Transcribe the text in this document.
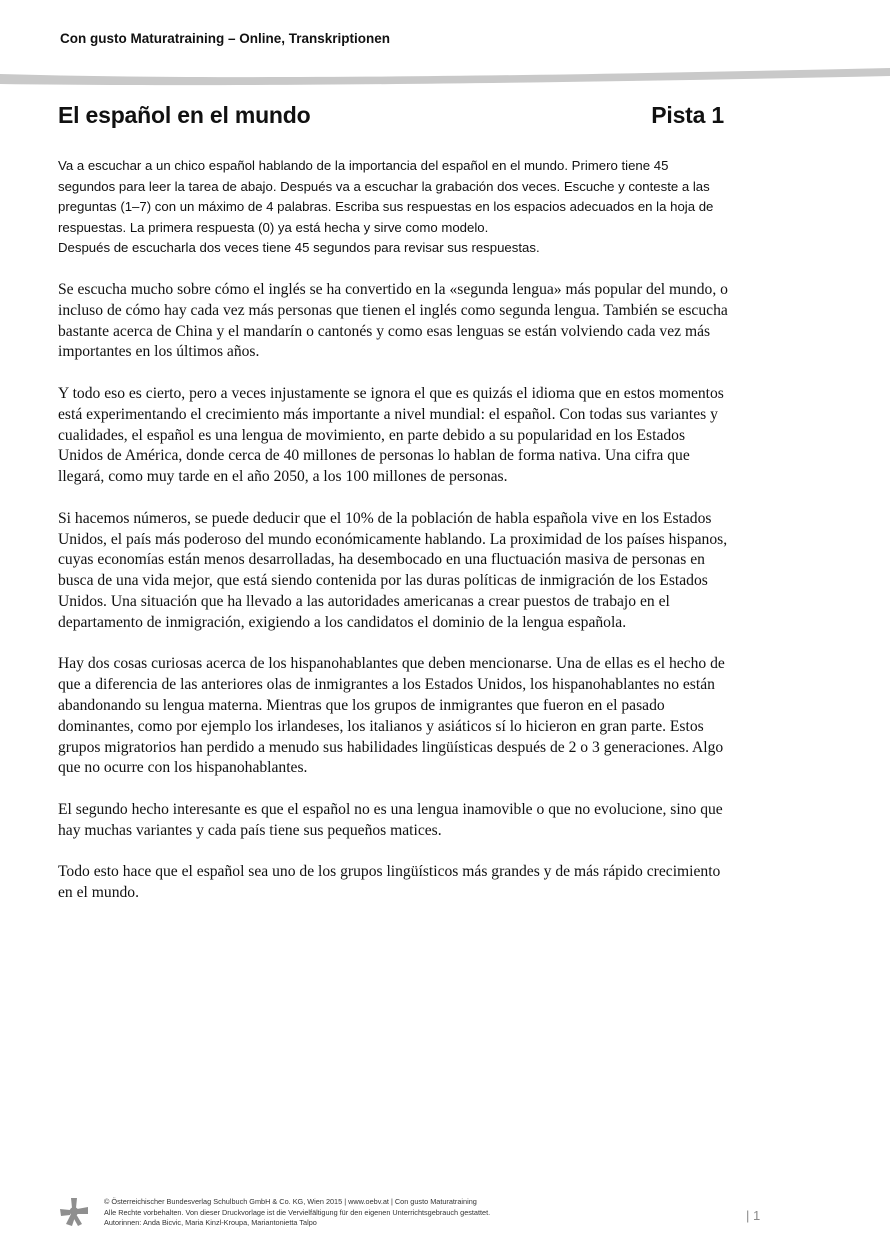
Con gusto Maturatraining – Online, Transkriptionen
El español en el mundo	Pista 1

Va a escuchar a un chico español hablando de la importancia del español en el mundo. Primero tiene 45 segundos para leer la tarea de abajo. Después va a escuchar la grabación dos veces. Escuche y conteste a las preguntas (1–7) con un máximo de 4 palabras. Escriba sus respuestas en los espacios adecuados en la hoja de respuestas. La primera respuesta (0) ya está hecha y sirve como modelo.

Después de escucharla dos veces tiene 45 segundos para revisar sus respuestas.

Se escucha mucho sobre cómo el inglés se ha convertido en la «segunda lengua» más popular del mundo, o incluso de cómo hay cada vez más personas que tienen el inglés como segunda lengua. También se escucha bastante acerca de China y el mandarín o cantonés y como esas lenguas se están volviendo cada vez más importantes en los últimos años.

Y todo eso es cierto, pero a veces injustamente se ignora el que es quizás el idioma que en estos momentos está experimentando el crecimiento más importante a nivel mundial: el español. Con todas sus variantes y cualidades, el español es una lengua de movimiento, en parte debido a su popularidad en los Estados Unidos de América, donde cerca de 40 millones de personas lo hablan de forma nativa. Una cifra que llegará, como muy tarde en el año 2050, a los 100 millones de personas.

Si hacemos números, se puede deducir que el 10% de la población de habla española vive en los Estados Unidos, el país más poderoso del mundo económicamente hablando. La proximidad de los países hispanos, cuyas economías están menos desarrolladas, ha desembocado en una fluctuación masiva de personas en busca de una vida mejor, que está siendo contenida por las duras políticas de inmigración de los Estados Unidos. Una situación que ha llevado a las autoridades americanas a crear puestos de trabajo en el departamento de inmigración, exigiendo a los candidatos el dominio de la lengua española.

Hay dos cosas curiosas acerca de los hispanohablantes que deben mencionarse. Una de ellas es el hecho de que a diferencia de las anteriores olas de inmigrantes a los Estados Unidos, los hispanohablantes no están abandonando su lengua materna. Mientras que los grupos de inmigrantes que fueron en el pasado dominantes, como por ejemplo los irlandeses, los italianos y asiáticos sí lo hicieron en gran parte. Estos grupos migratorios han perdido a menudo sus habilidades lingüísticas después de 2 o 3 generaciones. Algo que no ocurre con los hispanohablantes.

El segundo hecho interesante es que el español no es una lengua inamovible o que no evolucione, sino que hay muchas variantes y cada país tiene sus pequeños matices.

Todo esto hace que el español sea uno de los grupos lingüísticos más grandes y de más rápido crecimiento en el mundo.

© Österreichischer Bundesverlag Schulbuch GmbH & Co. KG, Wien 2015 | www.oebv.at | Con gusto Maturatraining
Alle Rechte vorbehalten. Von dieser Druckvorlage ist die Vervielfältigung für den eigenen Unterrichtsgebrauch gestattet.
Autorinnen: Anda Bicvic, Maria Kinzl-Kroupa, Mariantonietta Talpo	| 1
